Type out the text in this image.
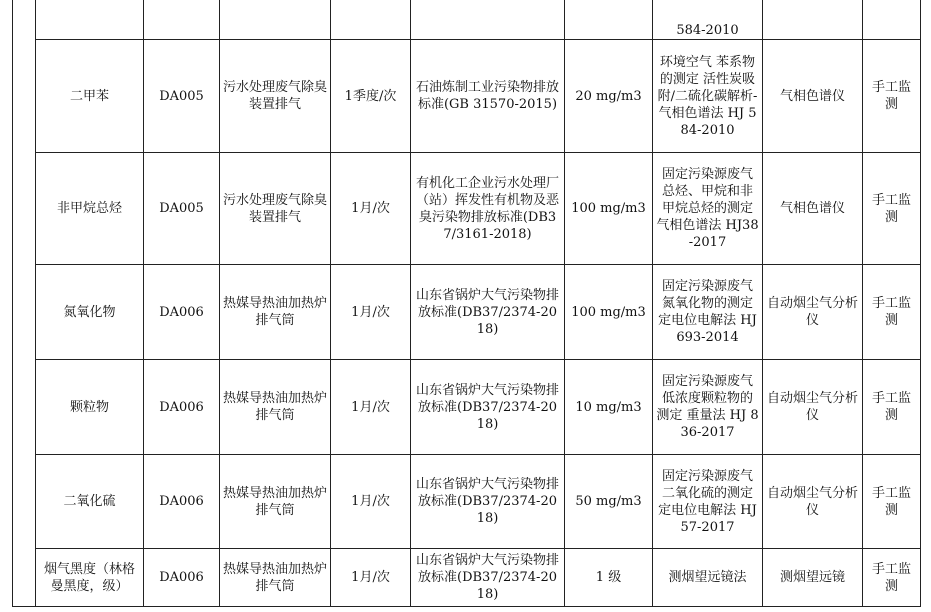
							584-2010		
	二甲苯	DA005	污水处理废气除臭装置排气	1季度/次	石油炼制工业污染物排放标准(GB 31570-2015)	20 mg/m3	环境空气 苯系物的测定 活性炭吸附/二硫化碳解析-气相色谱法 HJ 584-2010	气相色谱仪	手工监测
	非甲烷总烃	DA005	污水处理废气除臭装置排气	1月/次	有机化工企业污水处理厂（站）挥发性有机物及恶臭污染物排放标准(DB37/3161-2018)	100 mg/m3	固定污染源废气 总烃、甲烷和非甲烷总烃的测定 气相色谱法 HJ38-2017	气相色谱仪	手工监测
	氮氧化物	DA006	热媒导热油加热炉排气筒	1月/次	山东省锅炉大气污染物排放标准(DB37/2374-2018)	100 mg/m3	固定污染源废气 氮氧化物的测定 定电位电解法 HJ 693-2014	自动烟尘气分析仪	手工监测
	颗粒物	DA006	热媒导热油加热炉排气筒	1月/次	山东省锅炉大气污染物排放标准(DB37/2374-2018)	10 mg/m3	固定污染源废气 低浓度颗粒物的测定 重量法 HJ 836-2017	自动烟尘气分析仪	手工监测
	二氧化硫	DA006	热媒导热油加热炉排气筒	1月/次	山东省锅炉大气污染物排放标准(DB37/2374-2018)	50 mg/m3	固定污染源废气 二氧化硫的测定 定电位电解法 HJ 57-2017	自动烟尘气分析仪	手工监测
	烟气黑度（林格曼黑度，级）	DA006	热媒导热油加热炉排气筒	1月/次	山东省锅炉大气污染物排放标准(DB37/2374-2018)	1 级	测烟望远镜法	测烟望远镜	手工监测
